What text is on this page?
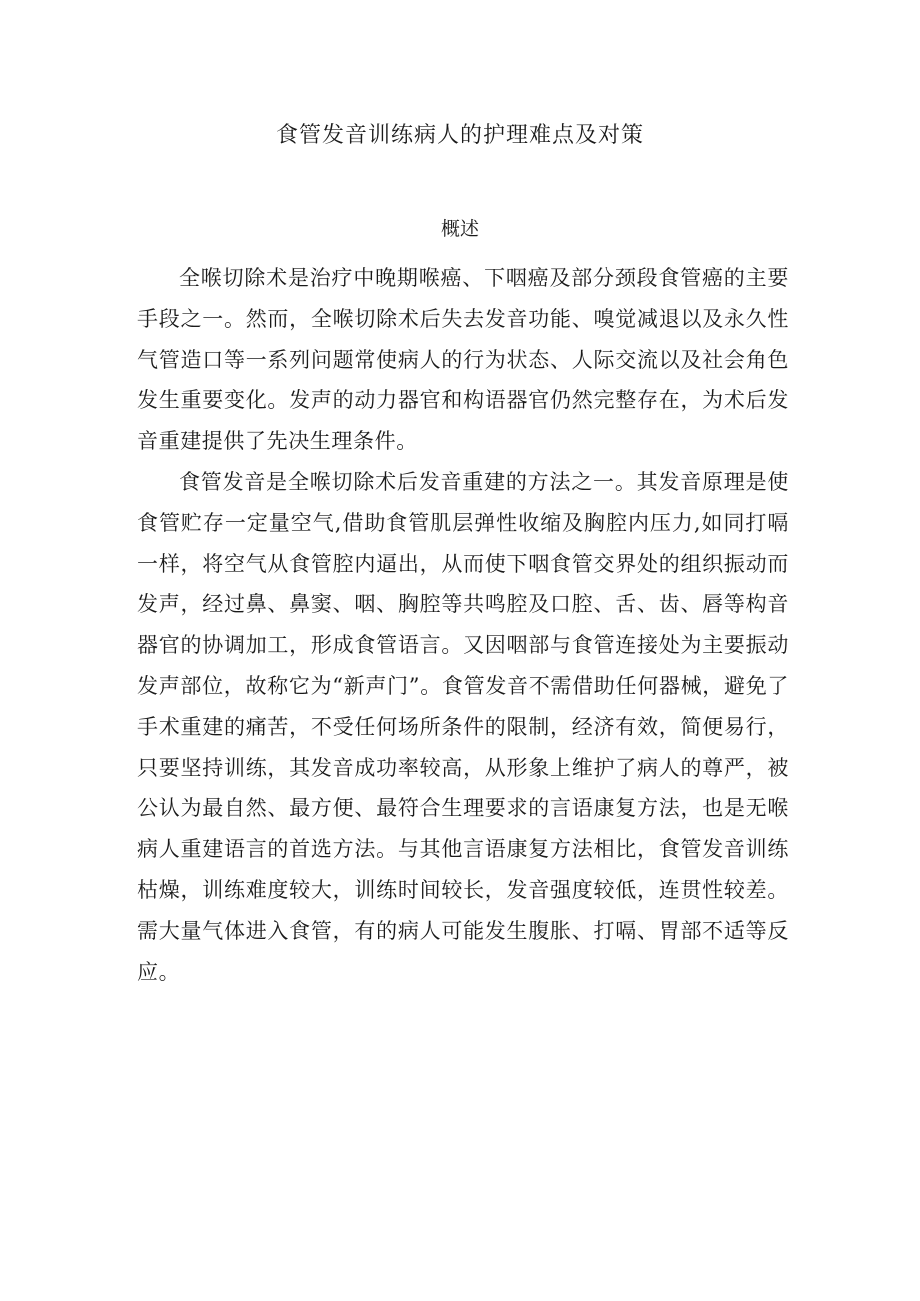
食管发音训练病人的护理难点及对策
概述

全喉切除术是治疗中晚期喉癌、下咽癌及部分颈段食管癌的主要手段之一。然而，全喉切除术后失去发音功能、嗅觉减退以及永久性气管造口等一系列问题常使病人的行为状态、人际交流以及社会角色发生重要变化。发声的动力器官和构语器官仍然完整存在，为术后发音重建提供了先决生理条件。

食管发音是全喉切除术后发音重建的方法之一。其发音原理是使食管贮存一定量空气,借助食管肌层弹性收缩及胸腔内压力,如同打嗝一样，将空气从食管腔内逼出，从而使下咽食管交界处的组织振动而发声，经过鼻、鼻窦、咽、胸腔等共鸣腔及口腔、舌、齿、唇等构音器官的协调加工，形成食管语言。又因咽部与食管连接处为主要振动发声部位，故称它为“新声门”。食管发音不需借助任何器械，避免了手术重建的痛苦，不受任何场所条件的限制，经济有效，简便易行，只要坚持训练，其发音成功率较高，从形象上维护了病人的尊严，被公认为最自然、最方便、最符合生理要求的言语康复方法，也是无喉病人重建语言的首选方法。与其他言语康复方法相比，食管发音训练枯燥，训练难度较大，训练时间较长，发音强度较低，连贯性较差。需大量气体进入食管，有的病人可能发生腹胀、打嗝、胃部不适等反应。
